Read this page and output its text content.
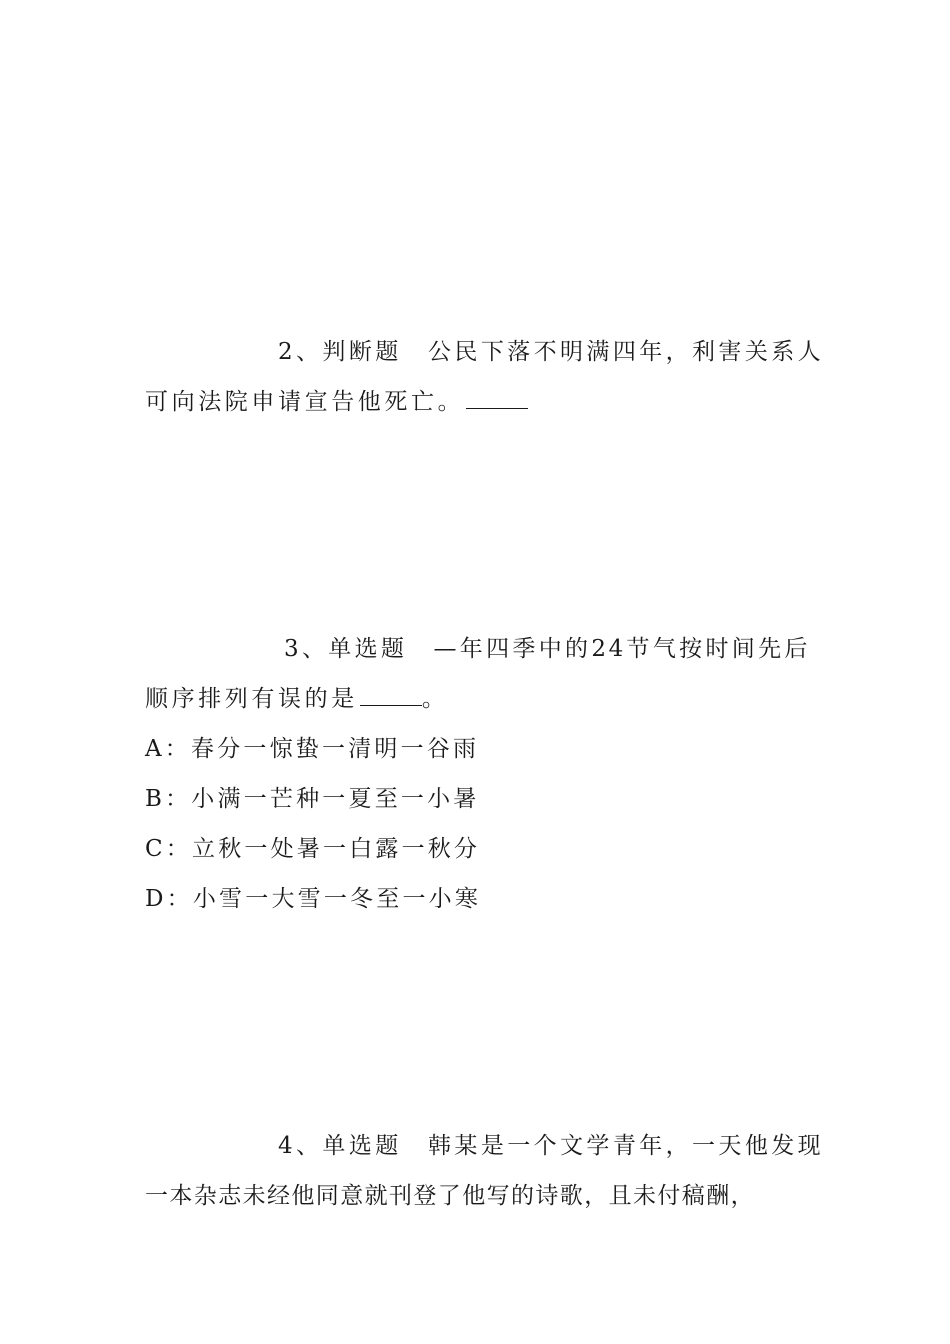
2、判断题　公民下落不明满四年，利害关系人
可向法院申请宣告他死亡。
3、单选题　—年四季中的24节气按时间先后
顺序排列有误的是	。
A：春分一惊蛰一清明一谷雨
B：小满一芒种一夏至一小暑
C：立秋一处暑一白露一秋分
D：小雪一大雪一冬至一小寒
4、单选题　韩某是一个文学青年，一天他发现
一本杂志未经他同意就刊登了他写的诗歌，且未付稿酬，
